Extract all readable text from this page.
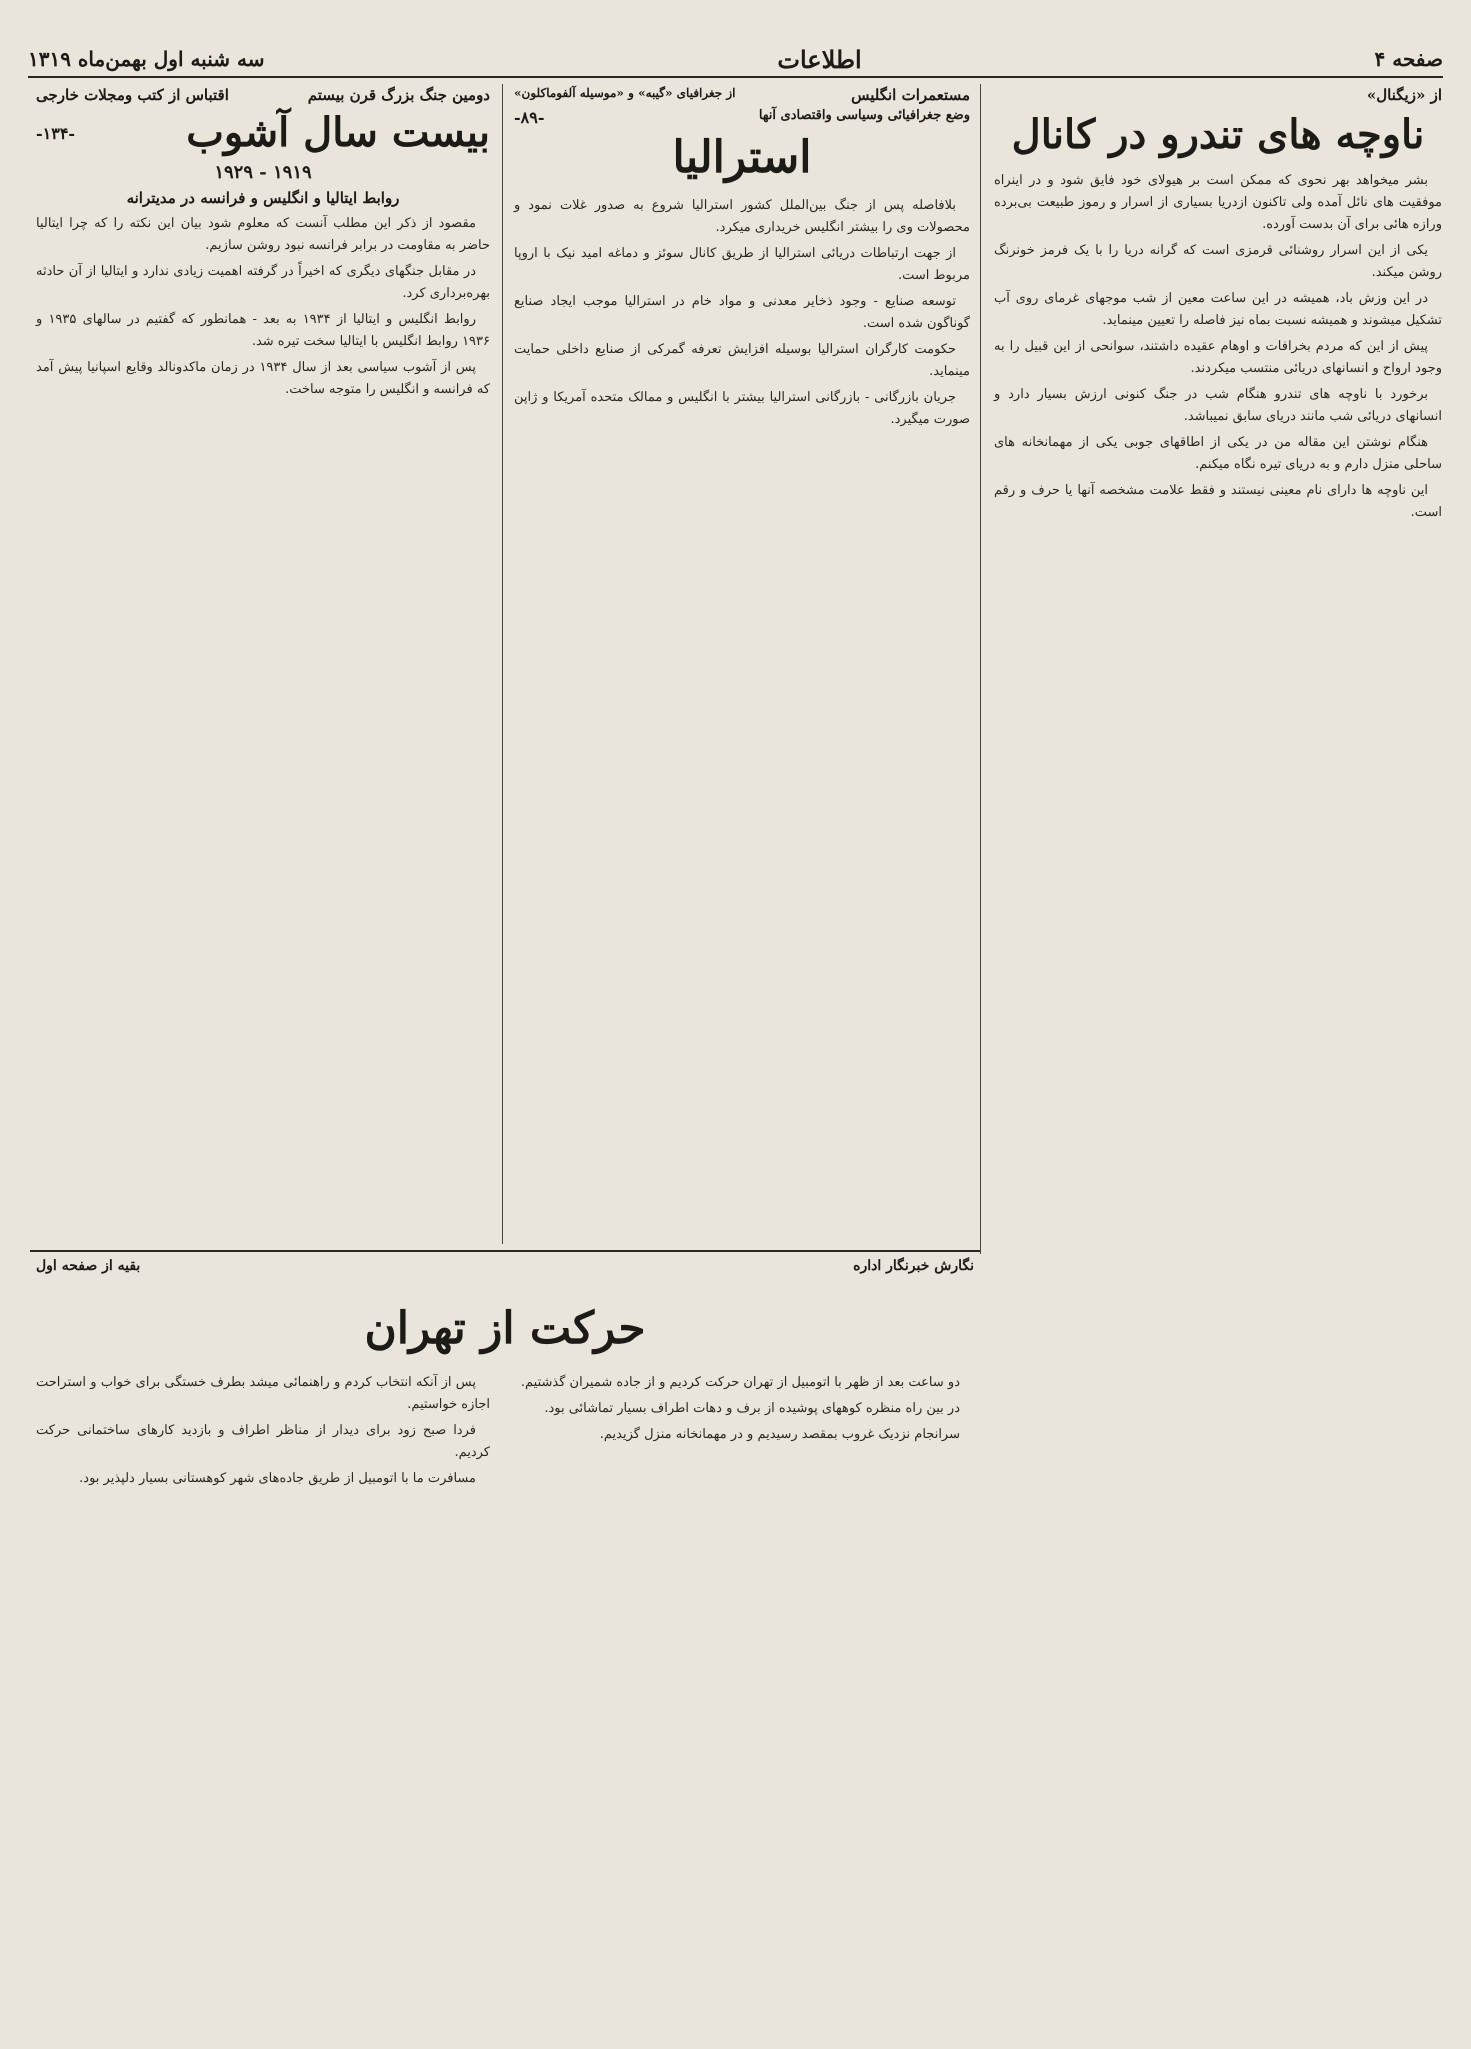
صفحه ۴
اطلاعات
سه شنبه اول بهمن‌ماه ۱۳۱۹
از «زیگنال»
ناوچه های تندرو در کانال

بشر میخواهد بهر نحوی که ممکن است بر هیولای خود فایق شود و در اینراه موفقیت های نائل آمده ولی تاکنون ازدریا بسیاری از اسرار و رموز طبیعت بی‌برده ورازه هائی برای آن بدست آورده.

یکی از این اسرار روشنائی قرمزی است که گرانه دریا را با یک فرمز خونرنگ روشن میکند.

در این وزش باد، همیشه در این ساعت معین از شب موجهای غرمای روی آب تشکیل میشوند و همیشه نسبت بماه نیز فاصله را تعیین مینماید.

پیش از این که مردم بخرافات و اوهام عقیده داشتند، سوانحی از این قبیل را به وجود ارواح و انسانهای دریائی منتسب میکردند.

برخورد با ناوچه های تندرو هنگام شب در جنگ کنونی ارزش بسیار دارد و انسانهای دریائی شب مانند دریای سابق نمیباشد.

هنگام نوشتن این مقاله من در یکی از اطاقهای جوبی یکی از مهمانخانه های ساحلی منزل دارم و به دریای تیره نگاه میکنم.

این ناوچه ها دارای نام معینی نیستند و فقط علامت مشخصه آنها یا حرف و رقم است.

مستعمرات انگلیس
از جغرافیای «گیبه» و «موسیله آلفوماکلون»
وضع جغرافیائی وسیاسی واقتصادی آنها
-۸۹-
استرالیا

بلافاصله پس از جنگ بین‌الملل کشور استرالیا شروع به صدور غلات نمود و محصولات وی را بیشتر انگلیس خریداری میکرد.

از جهت ارتباطات دریائی استرالیا از طریق کانال سوئز و دماغه امید نیک با اروپا مربوط است.

توسعه صنایع - وجود ذخایر معدنی و مواد خام در استرالیا موجب ایجاد صنایع گوناگون شده است.

حکومت کارگران استرالیا بوسیله افزایش تعرفه گمرکی از صنایع داخلی حمایت مینماید.

جریان بازرگانی - بازرگانی استرالیا بیشتر با انگلیس و ممالک متحده آمریکا و ژاپن صورت میگیرد.

دومین جنگ بزرگ قرن بیستم
اقتباس از کتب ومجلات خارجی
بیست سال آشوب
-۱۳۴-
۱۹۱۹ - ۱۹۲۹
روابط ایتالیا و انگلیس و فرانسه در مدیترانه

مقصود از ذکر این مطلب آنست که معلوم شود بیان این نکته را که چرا ایتالیا حاضر به مقاومت در برابر فرانسه نبود روشن سازیم.

در مقابل جنگهای دیگری که اخیراً در گرفته اهمیت زیادی ندارد و ایتالیا از آن حادثه بهره‌برداری کرد.

روابط انگلیس و ایتالیا از ۱۹۳۴ به بعد - همانطور که گفتیم در سالهای ۱۹۳۵ و ۱۹۳۶ روابط انگلیس با ایتالیا سخت تیره شد.

پس از آشوب سیاسی بعد از سال ۱۹۳۴ در زمان ماکدونالد وقایع اسپانیا پیش آمد که فرانسه و انگلیس را متوجه ساخت.

نگارش خبرنگار اداره
بقیه از صفحه اول
حرکت از تهران

دو ساعت بعد از ظهر با اتومبیل از تهران حرکت کردیم و از جاده شمیران گذشتیم.

در بین راه منظره کوههای پوشیده از برف و دهات اطراف بسیار تماشائی بود.

سرانجام نزدیک غروب بمقصد رسیدیم و در مهمانخانه منزل گزیدیم.

پس از آنکه انتخاب کردم و راهنمائی میشد بطرف خستگی برای خواب و استراحت اجازه خواستیم.

فردا صبح زود برای دیدار از مناظر اطراف و بازدید کارهای ساختمانی حرکت کردیم.

مسافرت ما با اتومبیل از طریق جاده‌های شهر کوهستانی بسیار دلپذیر بود.
